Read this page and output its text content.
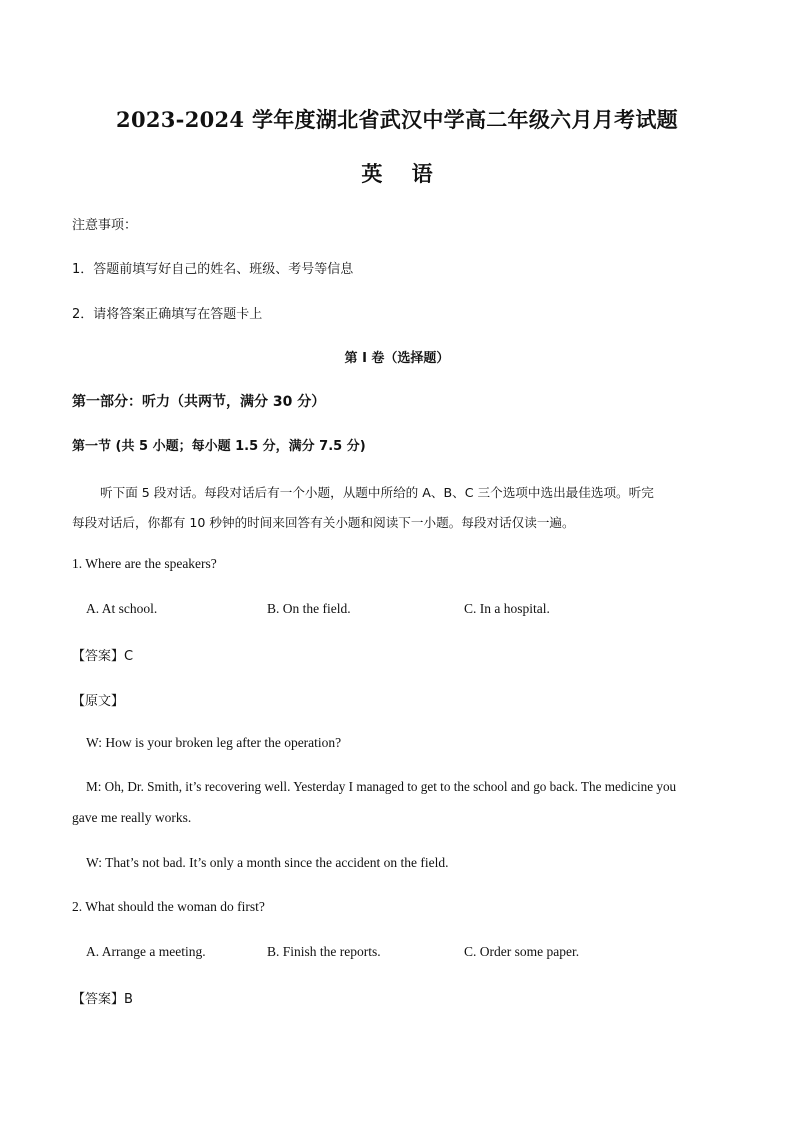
2023-2024 学年度湖北省武汉中学高二年级六月月考试题
英 语
注意事项：
1．答题前填写好自己的姓名、班级、考号等信息
2．请将答案正确填写在答题卡上
第 I 卷（选择题）
第一部分：听力（共两节，满分 30 分）
第一节 (共 5 小题；每小题 1.5 分，满分 7.5 分)
听下面 5 段对话。每段对话后有一个小题，从题中所给的 A、B、C 三个选项中选出最佳选项。听完
每段对话后，你都有 10 秒钟的时间来回答有关小题和阅读下一小题。每段对话仅读一遍。
1. Where are the speakers?
A. At school.	B. On the field.	C. In a hospital.
【答案】C
【原文】
W: How is your broken leg after the operation?
M: Oh, Dr. Smith, it’s recovering well. Yesterday I managed to get to the school and go back. The medicine you
gave me really works.
W: That’s not bad. It’s only a month since the accident on the field.
2. What should the woman do first?
A. Arrange a meeting.	B. Finish the reports.	C. Order some paper.
【答案】B
